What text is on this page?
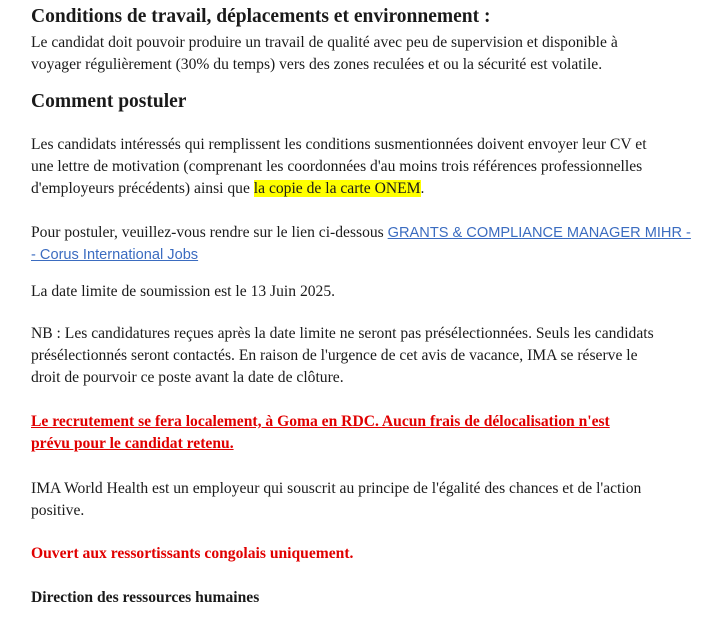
Conditions de travail, déplacements et environnement :
Le candidat doit pouvoir produire un travail de qualité avec peu de supervision et disponible à
voyager régulièrement (30% du temps) vers des zones reculées et ou la sécurité est volatile.
Comment postuler
Les candidats intéressés qui remplissent les conditions susmentionnées doivent envoyer leur CV et
une lettre de motivation (comprenant les coordonnées d'au moins trois références professionnelles
d'employeurs précédents) ainsi que la copie de la carte ONEM.
Pour postuler, veuillez-vous rendre sur le lien ci-dessous GRANTS & COMPLIANCE MANAGER MIHR -
- Corus International Jobs
La date limite de soumission est le 13 Juin 2025.
NB : Les candidatures reçues après la date limite ne seront pas présélectionnées. Seuls les candidats
présélectionnés seront contactés. En raison de l'urgence de cet avis de vacance, IMA se réserve le
droit de pourvoir ce poste avant la date de clôture.
Le recrutement se fera localement, à Goma en RDC. Aucun frais de délocalisation n'est
prévu pour le candidat retenu.
IMA World Health est un employeur qui souscrit au principe de l'égalité des chances et de l'action
positive.
Ouvert aux ressortissants congolais uniquement.
Direction des ressources humaines
